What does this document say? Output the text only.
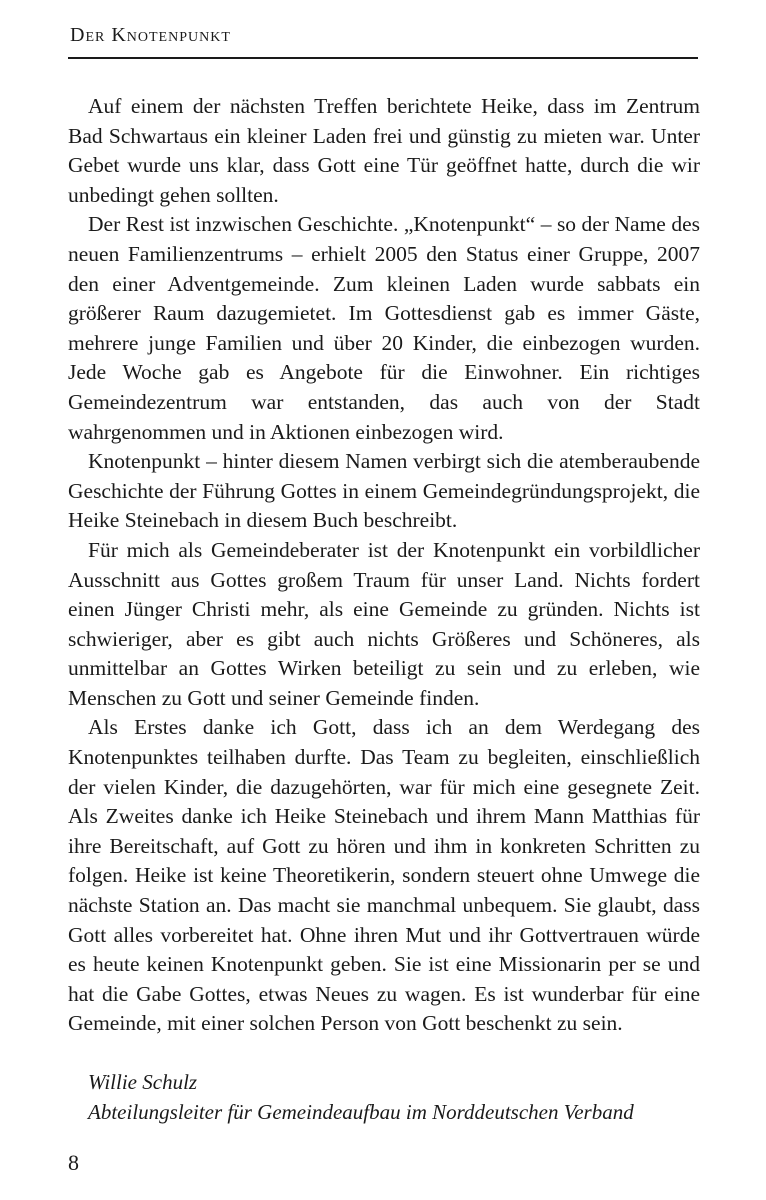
Der Knotenpunkt

Auf einem der nächsten Treffen berichtete Heike, dass im Zentrum Bad Schwartaus ein kleiner Laden frei und günstig zu mieten war. Unter Gebet wurde uns klar, dass Gott eine Tür geöffnet hatte, durch die wir unbedingt gehen sollten.

Der Rest ist inzwischen Geschichte. „Knotenpunkt“ – so der Name des neuen Familienzentrums – erhielt 2005 den Status einer Gruppe, 2007 den einer Adventgemeinde. Zum kleinen Laden wurde sabbats ein größerer Raum dazugemietet. Im Gottesdienst gab es immer Gäste, mehrere junge Familien und über 20 Kinder, die einbezogen wurden. Jede Woche gab es Angebote für die Einwohner. Ein richtiges Gemeindezentrum war entstanden, das auch von der Stadt wahrgenommen und in Aktionen einbezogen wird.

Knotenpunkt – hinter diesem Namen verbirgt sich die atemberaubende Geschichte der Führung Gottes in einem Gemeindegründungsprojekt, die Heike Steinebach in diesem Buch beschreibt.

Für mich als Gemeindeberater ist der Knotenpunkt ein vorbildlicher Ausschnitt aus Gottes großem Traum für unser Land. Nichts fordert einen Jünger Christi mehr, als eine Gemeinde zu gründen. Nichts ist schwieriger, aber es gibt auch nichts Größeres und Schöneres, als unmittelbar an Gottes Wirken beteiligt zu sein und zu erleben, wie Menschen zu Gott und seiner Gemeinde finden.

Als Erstes danke ich Gott, dass ich an dem Werdegang des Knotenpunktes teilhaben durfte. Das Team zu begleiten, einschließlich der vielen Kinder, die dazugehörten, war für mich eine gesegnete Zeit. Als Zweites danke ich Heike Steinebach und ihrem Mann Matthias für ihre Bereitschaft, auf Gott zu hören und ihm in konkreten Schritten zu folgen. Heike ist keine Theoretikerin, sondern steuert ohne Umwege die nächste Station an. Das macht sie manchmal unbequem. Sie glaubt, dass Gott alles vorbereitet hat. Ohne ihren Mut und ihr Gottvertrauen würde es heute keinen Knotenpunkt geben. Sie ist eine Missionarin per se und hat die Gabe Gottes, etwas Neues zu wagen. Es ist wunderbar für eine Gemeinde, mit einer solchen Person von Gott beschenkt zu sein.

Willie Schulz
Abteilungsleiter für Gemeindeaufbau im Norddeutschen Verband
8
